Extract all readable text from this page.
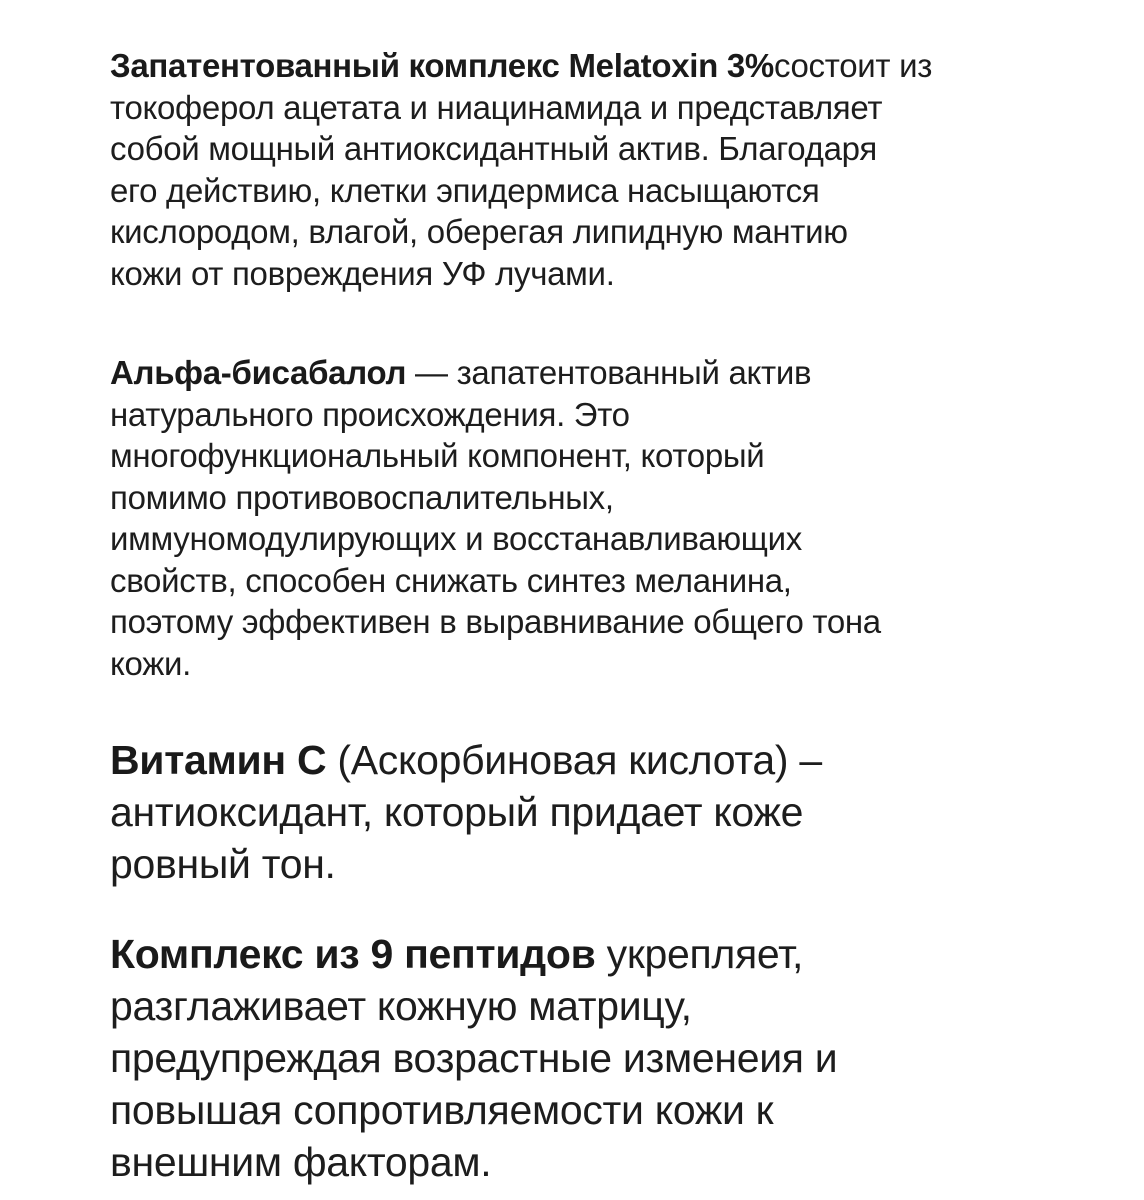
Запатентованный комплекс Melatoxin 3%состоит из
токоферол ацетата и ниацинамида и представляет
собой мощный антиоксидантный актив. Благодаря
его действию, клетки эпидермиса насыщаются
кислородом, влагой, оберегая липидную мантию
кожи от повреждения УФ лучами.

Альфа-бисабалол — запатентованный актив
натурального происхождения. Это
многофункциональный компонент, который
помимо противовоспалительных,
иммуномодулирующих и восстанавливающих
свойств, способен снижать синтез меланина,
поэтому эффективен в выравнивание общего тона
кожи.

Витамин С (Аскорбиновая кислота) –
антиоксидант, который придает коже
ровный тон.

Комплекс из 9 пептидов укрепляет,
разглаживает кожную матрицу,
предупреждая возрастные изменеия и
повышая сопротивляемости кожи к
внешним факторам.
